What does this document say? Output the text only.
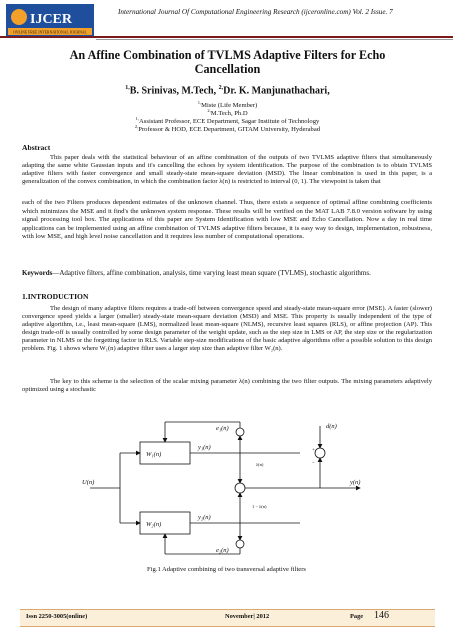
IJCER
ONLINE FREE INTERNATIONAL JOURNAL
International Journal Of Computational Engineering Research (ijceronline.com) Vol. 2 Issue. 7
An Affine Combination of TVLMS Adaptive Filters for Echo Cancellation
$^{1,}$B. Srinivas, M.Tech, $^{2,}$Dr. K. Manjunathachari,
$^{1,}$Miste (Life Member)
$^{2,}$M.Tech, Ph.D
$^{1,}$Assistant Professor, ECE Department, Sagar Institute of Technology
$^{2,}$Professor & HOD, ECE Department, GITAM University, Hyderabad
Abstract
This paper deals with the statistical behaviour of an affine combination of the outputs of two TVLMS adaptive filters that simultaneously adapting the same white Gaussian inputs and it's cancelling the echoes by system identification. The purpose of the combination is to obtain TVLMS adaptive filters with faster convergence and small steady-state mean-square deviation (MSD). The linear combination is used in this paper, is a generalization of the convex combination, in which the combination factor λ(n) is restricted to interval (0, 1). The viewpoint is taken that
each of the two Filters produces dependent estimates of the unknown channel. Thus, there exists a sequence of optimal affine combining coefficients which minimizes the MSE and it find's the unknown system response. These results will be verified on the MAT LAB 7.8.0 version software by using signal processing tool box. The applications of this paper are System Identification with low MSE and Echo Cancellation. Now a day in real time applications can be implemented using an affine combination of TVLMS adaptive filters because, it is easy way to design, implementation, robustness, with low MSE, and high level noise cancellation and it requires less number of computational operations.
Keywords—Adaptive filters, affine combination, analysis, time varying least mean square (TVLMS), stochastic algorithms.
1.INTRODUCTION
The design of many adaptive filters requires a trade-off between convergence speed and steady-state mean-square error (MSE). A faster (slower) convergence speed yields a larger (smaller) steady-state mean-square deviation (MSD) and MSE. This property is usually independent of the type of adaptive algorithm, i.e., least mean-square (LMS), normalized least mean-square (NLMS), recursive least squares (RLS), or affine projection (AP). This design trade-off is usually controlled by some design parameter of the weight update, such as the step size in LMS or AP, the step size or the regularization parameter in NLMS or the forgetting factor in RLS. Variable step-size modifications of the basic adaptive algorithms offer a possible solution to this design problem. Fig. 1 shows where W₁(n) adaptive filter uses a larger step size than adaptive filter W₂(n).
The key to this scheme is the selection of the scalar mixing parameter λ(n) combining the two filter outputs. The mixing parameters adaptively optimized using a stochastic
W₁(n)
W₂(n)
U(n)
y₁(n)
y₂(n)
e₁(n)
e₂(n)
d(n)
y(n)
λ(n)
1 − λ(n)
+
−
Fig.1 Adaptive combining of two transversal adaptive filters
Issn 2250-3005(online)	November| 2012	Page 146
